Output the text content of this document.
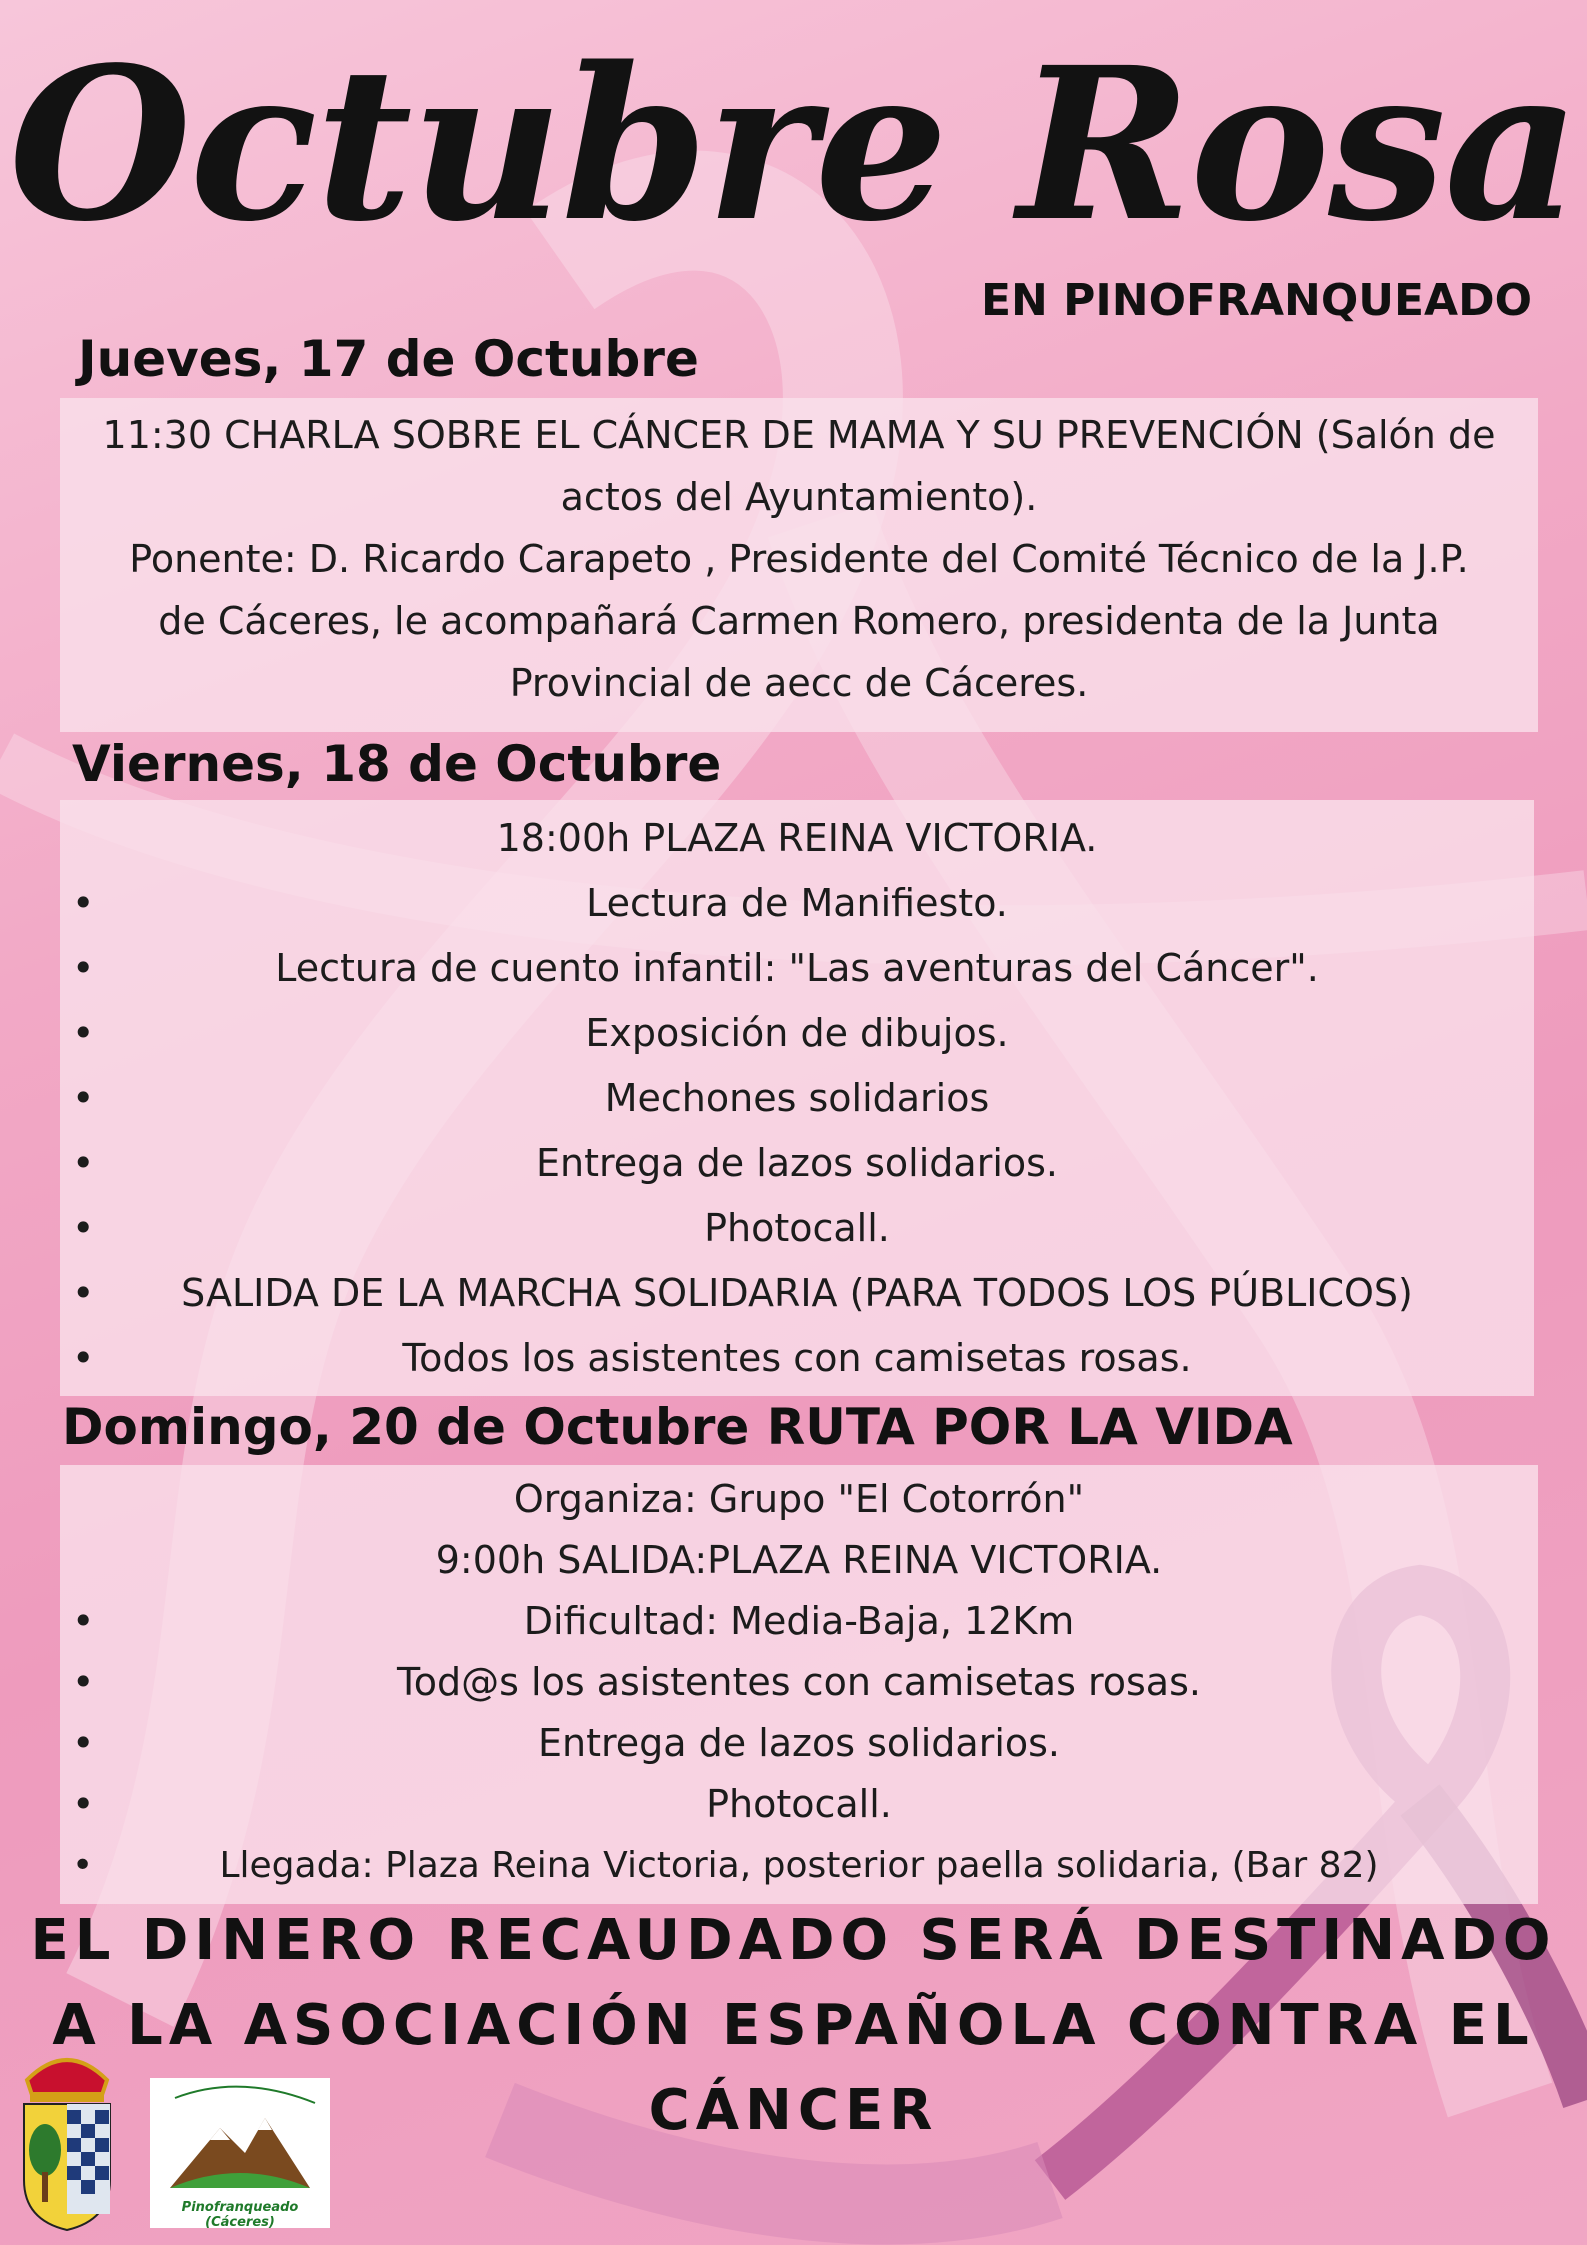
Octubre Rosa
EN PINOFRANQUEADO
Jueves, 17 de Octubre
11:30 CHARLA SOBRE EL CÁNCER DE MAMA Y SU PREVENCIÓN (Salón de
actos del Ayuntamiento).
Ponente: D. Ricardo Carapeto , Presidente del Comité Técnico de la J.P.
de Cáceres, le acompañará Carmen Romero, presidenta de la Junta
Provincial de aecc de Cáceres.
Viernes, 18 de Octubre
18:00h PLAZA REINA VICTORIA.
•	Lectura de Manifiesto.
•	Lectura de cuento infantil: "Las aventuras del Cáncer".
•	Exposición de dibujos.
•	Mechones solidarios
•	Entrega de lazos solidarios.
•	Photocall.
• SALIDA DE LA MARCHA SOLIDARIA (PARA TODOS LOS PÚBLICOS)
•	Todos los asistentes con camisetas rosas.
Domingo, 20 de Octubre RUTA POR LA VIDA
Organiza: Grupo "El Cotorrón"
9:00h SALIDA:PLAZA REINA VICTORIA.
•	Dificultad: Media-Baja, 12Km
•	Tod@s los asistentes con camisetas rosas.
•	Entrega de lazos solidarios.
•	Photocall.
•	Llegada: Plaza Reina Victoria, posterior paella solidaria, (Bar 82)
EL DINERO RECAUDADO SERÁ DESTINADO
A LA ASOCIACIÓN ESPAÑOLA CONTRA EL
CÁNCER
Pinofranqueado (Cáceres)
